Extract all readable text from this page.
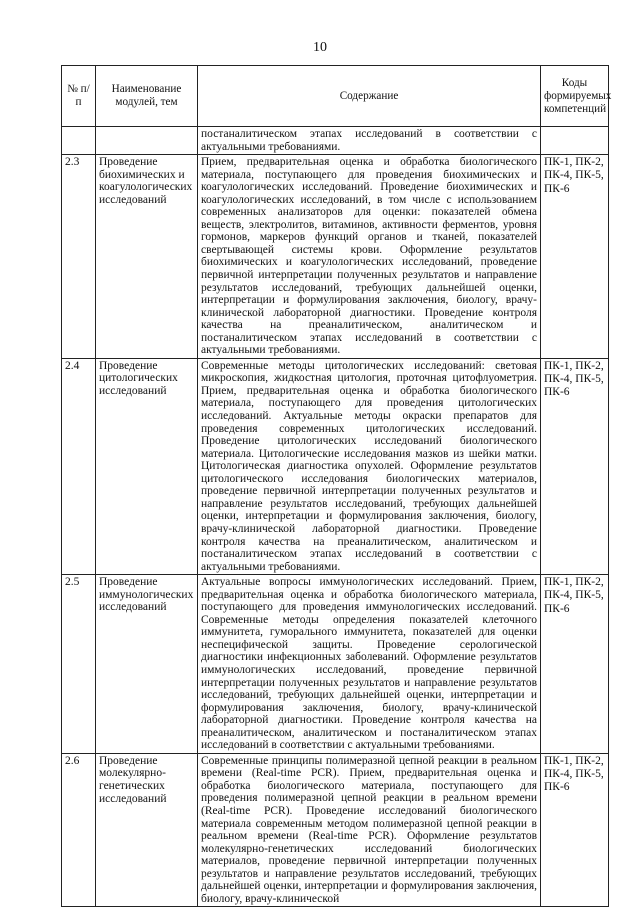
10
№ п/п	Наименование модулей, тем	Содержание	Коды формируемых компетенций
		постаналитическом этапах исследований в соответствии с актуальными требованиями.	
2.3	Проведение биохимических и коагулологических исследований	Прием, предварительная оценка и обработка биологического материала, поступающего для проведения биохимических и коагулологических исследований. Проведение биохимических и коагулологических исследований, в том числе с использованием современных анализаторов для оценки: показателей обмена веществ, электролитов, витаминов, активности ферментов, уровня гормонов, маркеров функций органов и тканей, показателей свертывающей системы крови. Оформление результатов биохимических и коагулологических исследований, проведение первичной интерпретации полученных результатов и направление результатов исследований, требующих дальнейшей оценки, интерпретации и формулирования заключения, биологу, врачу-клинической лабораторной диагностики. Проведение контроля качества на преаналитическом, аналитическом и постаналитическом этапах исследований в соответствии с актуальными требованиями.	ПК-1, ПК-2, ПК-4, ПК-5, ПК-6
2.4	Проведение цитологических исследований	Современные методы цитологических исследований: световая микроскопия, жидкостная цитология, проточная цитофлуометрия. Прием, предварительная оценка и обработка биологического материала, поступающего для проведения цитологических исследований. Актуальные методы окраски препаратов для проведения современных цитологических исследований. Проведение цитологических исследований биологического материала. Цитологические исследования мазков из шейки матки. Цитологическая диагностика опухолей. Оформление результатов цитологического исследования биологических материалов, проведение первичной интерпретации полученных результатов и направление результатов исследований, требующих дальнейшей оценки, интерпретации и формулирования заключения, биологу, врачу-клинической лабораторной диагностики. Проведение контроля качества на преаналитическом, аналитическом и постаналитическом этапах исследований в соответствии с актуальными требованиями.	ПК-1, ПК-2, ПК-4, ПК-5, ПК-6
2.5	Проведение иммунологических исследований	Актуальные вопросы иммунологических исследований. Прием, предварительная оценка и обработка биологического материала, поступающего для проведения иммунологических исследований. Современные методы определения показателей клеточного иммунитета, гуморального иммунитета, показателей для оценки неспецифической защиты. Проведение серологической диагностики инфекционных заболеваний. Оформление результатов иммунологических исследований, проведение первичной интерпретации полученных результатов и направление результатов исследований, требующих дальнейшей оценки, интерпретации и формулирования заключения, биологу, врачу-клинической лабораторной диагностики. Проведение контроля качества на преаналитическом, аналитическом и постаналитическом этапах исследований в соответствии с актуальными требованиями.	ПК-1, ПК-2, ПК-4, ПК-5, ПК-6
2.6	Проведение молекулярно-генетических исследований	Современные принципы полимеразной цепной реакции в реальном времени (Real-time PCR). Прием, предварительная оценка и обработка биологического материала, поступающего для проведения полимеразной цепной реакции в реальном времени (Real-time PCR). Проведение исследований биологического материала современным методом полимеразной цепной реакции в реальном времени (Real-time PCR). Оформление результатов молекулярно-генетических исследований биологических материалов, проведение первичной интерпретации полученных результатов и направление результатов исследований, требующих дальнейшей оценки, интерпретации и формулирования заключения, биологу, врачу-клинической	ПК-1, ПК-2, ПК-4, ПК-5, ПК-6
